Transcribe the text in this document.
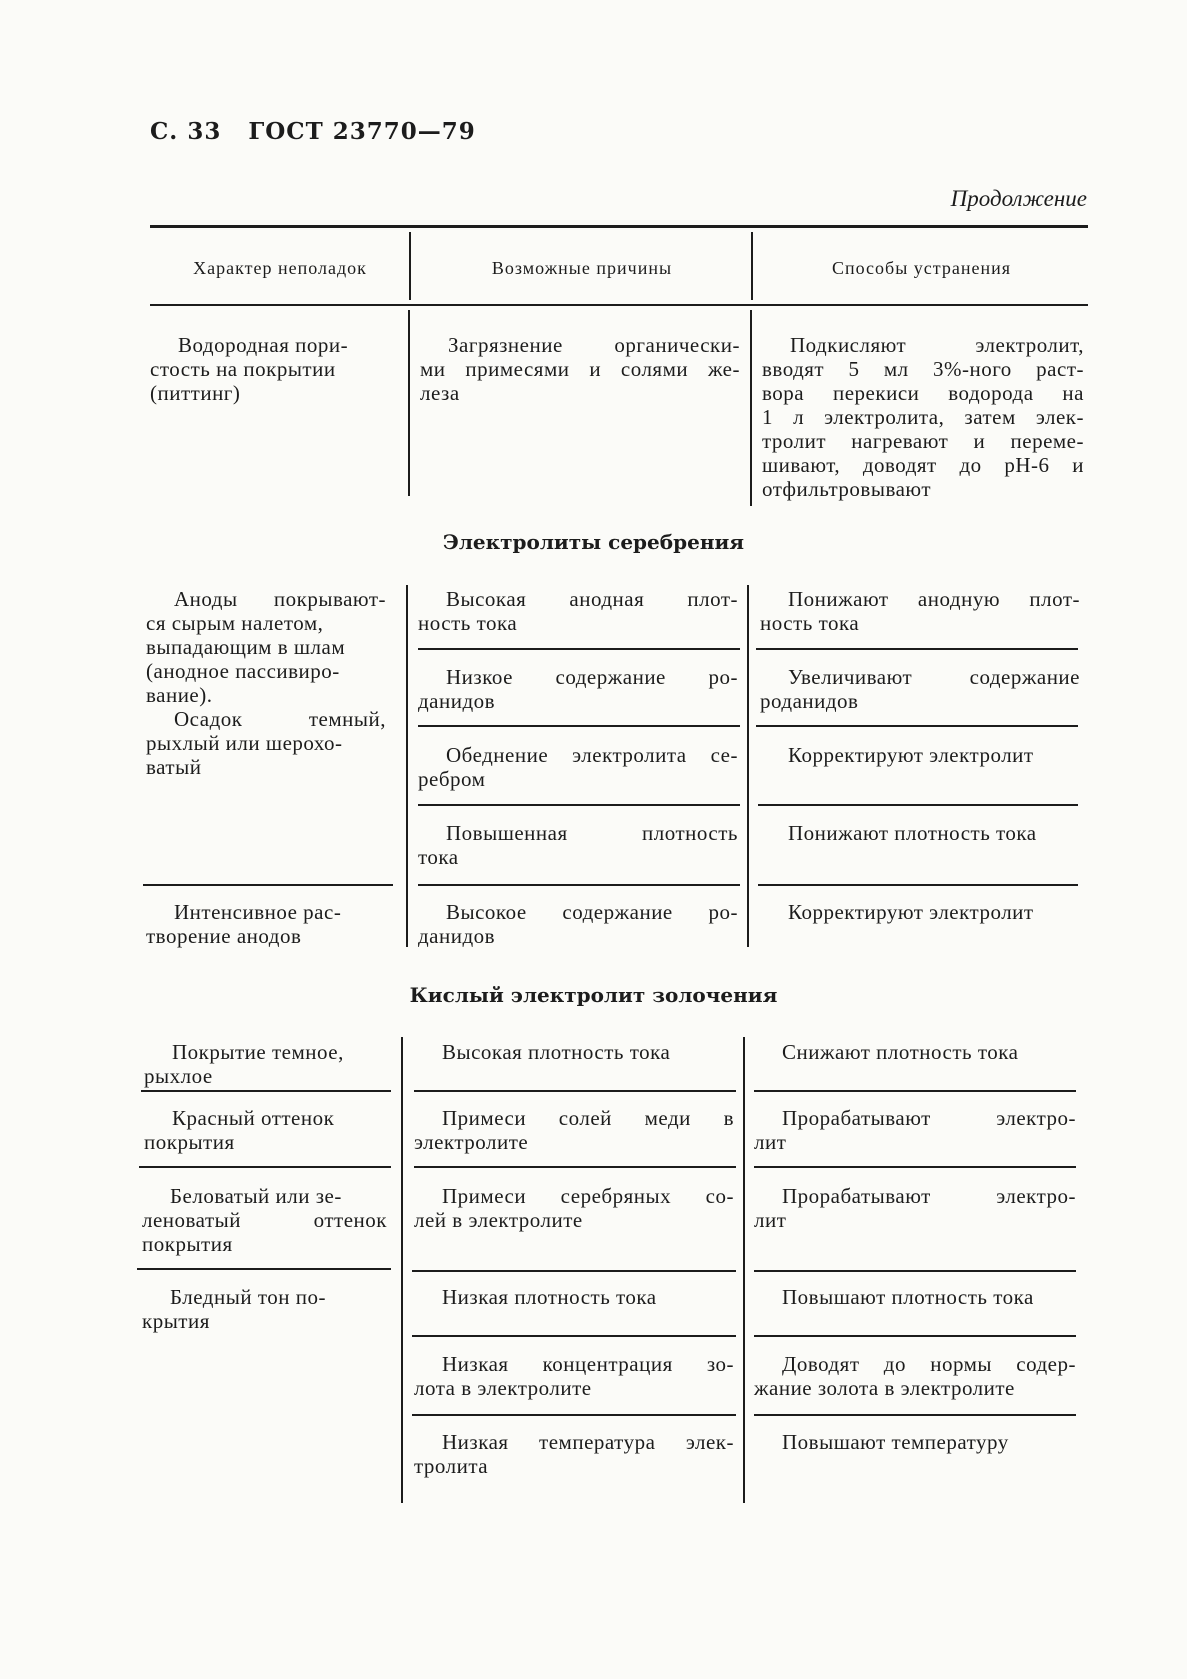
С. 33 ГОСТ 23770—79
Продолжение
Характер неполадок	Возможные причины	Способы устранения
Водородная пори-
стость на покрытии
(питтинг)
Загрязнение органически-
ми примесями и солями же-
леза
Подкисляют электролит,
вводят 5 мл 3%-ного раст-
вора перекиси водорода на
1 л электролита, затем элек-
тролит нагревают и переме-
шивают, доводят до pH-6 и
отфильтровывают
Электролиты серебрения
Аноды покрывают-
ся сырым налетом,
выпадающим в шлам
(анодное пассивиро-
вание).
Осадок темный,
рыхлый или шерохо-
ватый
Интенсивное рас-
творение анодов
Высокая анодная плот-
ность тока
Низкое содержание ро-
данидов
Обеднение электролита се-
ребром
Повышенная плотность
тока
Высокое содержание ро-
данидов
Понижают анодную плот-
ность тока
Увеличивают содержание
роданидов
Корректируют электролит
Понижают плотность тока
Корректируют электролит
Кислый электролит золочения
Покрытие темное,
рыхлое
Красный оттенок
покрытия
Беловатый или зе-
леноватый оттенок
покрытия
Бледный тон по-
крытия
Высокая плотность тока
Примеси солей меди в
электролите
Примеси серебряных со-
лей в электролите
Низкая плотность тока
Низкая концентрация зо-
лота в электролите
Низкая температура элек-
тролита
Снижают плотность тока
Прорабатывают электро-
лит
Прорабатывают электро-
лит
Повышают плотность тока
Доводят до нормы содер-
жание золота в электролите
Повышают температуру
